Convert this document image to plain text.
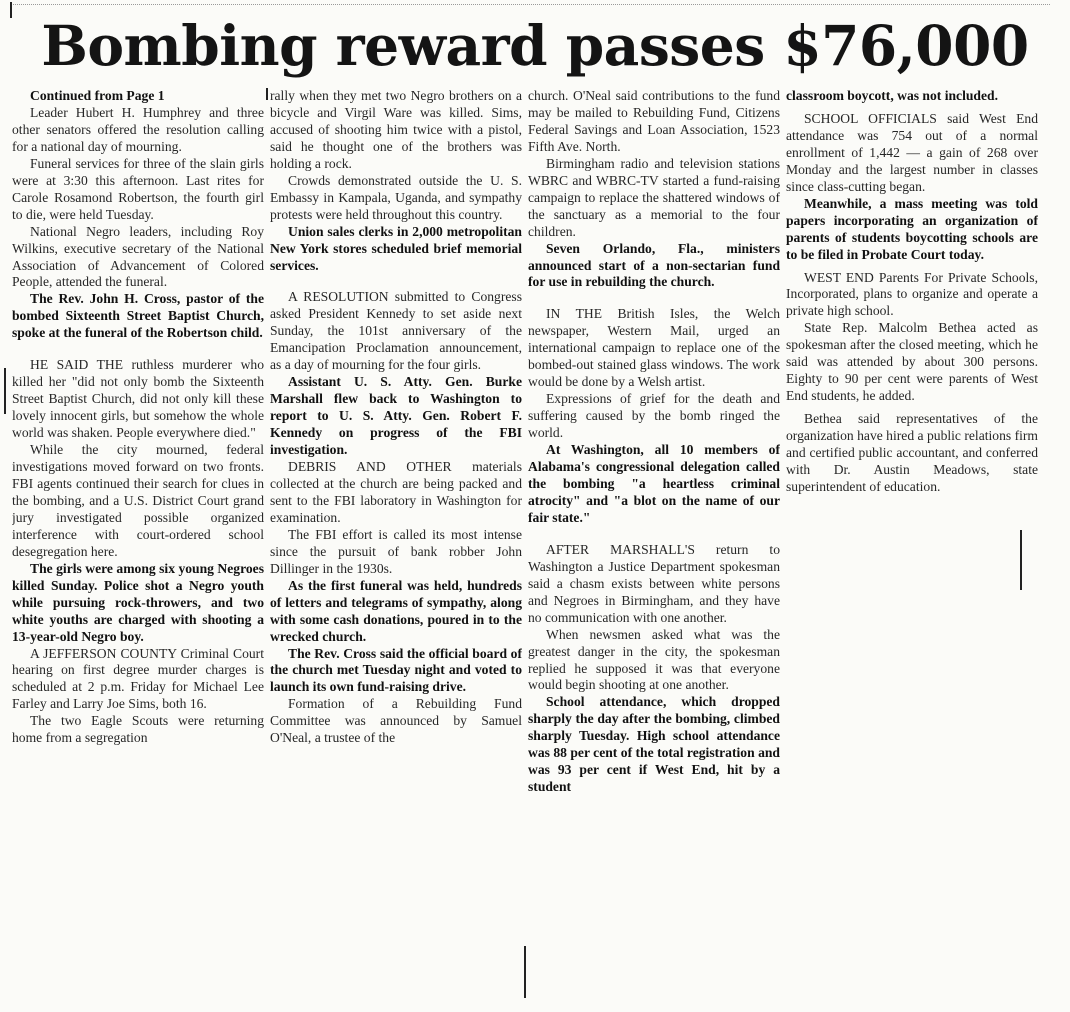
Bombing reward passes $76,000

Continued from Page 1

Leader Hubert H. Humphrey and three other senators offered the resolution calling for a national day of mourning.

Funeral services for three of the slain girls were at 3:30 this afternoon. Last rites for Carole Rosamond Robertson, the fourth girl to die, were held Tuesday.

National Negro leaders, including Roy Wilkins, executive secretary of the National Association of Advancement of Colored People, attended the funeral.

The Rev. John H. Cross, pastor of the bombed Sixteenth Street Baptist Church, spoke at the funeral of the Robertson child.

HE SAID THE ruthless murderer who killed her "did not only bomb the Sixteenth Street Baptist Church, did not only kill these lovely innocent girls, but somehow the whole world was shaken. People everywhere died."

While the city mourned, federal investigations moved forward on two fronts. FBI agents continued their search for clues in the bombing, and a U.S. District Court grand jury investigated possible organized interference with court-ordered school desegregation here.

The girls were among six young Negroes killed Sunday. Police shot a Negro youth while pursuing rock-throwers, and two white youths are charged with shooting a 13-year-old Negro boy.

A JEFFERSON COUNTY Criminal Court hearing on first degree murder charges is scheduled at 2 p.m. Friday for Michael Lee Farley and Larry Joe Sims, both 16.

The two Eagle Scouts were returning home from a segregation

rally when they met two Negro brothers on a bicycle and Virgil Ware was killed. Sims, accused of shooting him twice with a pistol, said he thought one of the brothers was holding a rock.

Crowds demonstrated outside the U. S. Embassy in Kampala, Uganda, and sympathy protests were held throughout this country.

Union sales clerks in 2,000 metropolitan New York stores scheduled brief memorial services.

A RESOLUTION submitted to Congress asked President Kennedy to set aside next Sunday, the 101st anniversary of the Emancipation Proclamation announcement, as a day of mourning for the four girls.

Assistant U. S. Atty. Gen. Burke Marshall flew back to Washington to report to U. S. Atty. Gen. Robert F. Kennedy on progress of the FBI investigation.

DEBRIS AND OTHER materials collected at the church are being packed and sent to the FBI laboratory in Washington for examination.

The FBI effort is called its most intense since the pursuit of bank robber John Dillinger in the 1930s.

As the first funeral was held, hundreds of letters and telegrams of sympathy, along with some cash donations, poured in to the wrecked church.

The Rev. Cross said the official board of the church met Tuesday night and voted to launch its own fund-raising drive.

Formation of a Rebuilding Fund Committee was announced by Samuel O'Neal, a trustee of the

church. O'Neal said contributions to the fund may be mailed to Rebuilding Fund, Citizens Federal Savings and Loan Association, 1523 Fifth Ave. North.

Birmingham radio and television stations WBRC and WBRC-TV started a fund-raising campaign to replace the shattered windows of the sanctuary as a memorial to the four children.

Seven Orlando, Fla., ministers announced start of a non-sectarian fund for use in rebuilding the church.

IN THE British Isles, the Welch newspaper, Western Mail, urged an international campaign to replace one of the bombed-out stained glass windows. The work would be done by a Welsh artist.

Expressions of grief for the death and suffering caused by the bomb ringed the world.

At Washington, all 10 members of Alabama's congressional delegation called the bombing "a heartless criminal atrocity" and "a blot on the name of our fair state."

AFTER MARSHALL'S return to Washington a Justice Department spokesman said a chasm exists between white persons and Negroes in Birmingham, and they have no communication with one another.

When newsmen asked what was the greatest danger in the city, the spokesman replied he supposed it was that everyone would begin shooting at one another.

School attendance, which dropped sharply the day after the bombing, climbed sharply Tuesday. High school attendance was 88 per cent of the total registration and was 93 per cent if West End, hit by a student

classroom boycott, was not included.

SCHOOL OFFICIALS said West End attendance was 754 out of a normal enrollment of 1,442 — a gain of 268 over Monday and the largest number in classes since class-cutting began.

Meanwhile, a mass meeting was told papers incorporating an organization of parents of students boycotting schools are to be filed in Probate Court today.

WEST END Parents For Private Schools, Incorporated, plans to organize and operate a private high school.

State Rep. Malcolm Bethea acted as spokesman after the closed meeting, which he said was attended by about 300 persons. Eighty to 90 per cent were parents of West End students, he added.

Bethea said representatives of the organization have hired a public relations firm and certified public accountant, and conferred with Dr. Austin Meadows, state superintendent of education.
